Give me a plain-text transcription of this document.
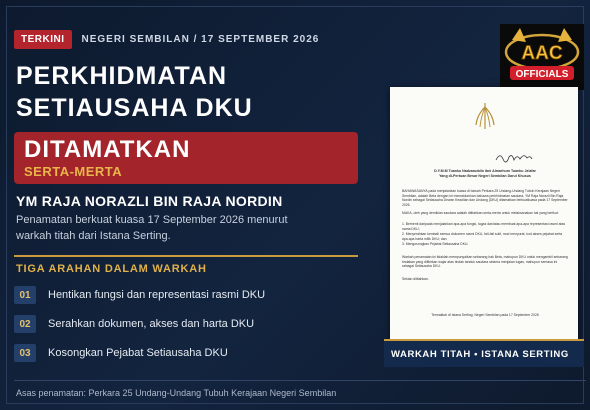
TERKINI	NEGERI SEMBILAN / 17 SEPTEMBER 2026
PERKHIDMATAN
SETIAUSAHA DKU
DITAMATKAN
SERTA-MERTA
YM RAJA NORAZLI BIN RAJA NORDIN
Penamatan berkuat kuasa 17 September 2026 menurut warkah titah dari Istana Serting.
TIGA ARAHAN DALAM WARKAH
01	Hentikan fungsi dan representasi rasmi DKU
02	Serahkan dokumen, akses dan harta DKU
03	Kosongkan Pejabat Setiausaha DKU
Asas penamatan: Perkara 25 Undang-Undang Tubuh Kerajaan Negeri Sembilan
AAC
OFFICIALS
D.Y.M.M Tuanku Nadzaruddin ibni Almarhum Tuanku Ja'afar
Yang di-Pertuan Besar Negeri Sembilan Darul Khusus
BAHAWASANYA pada menjalankan kuasa di bawah Perkara 25 Undang-Undang Tubuh Kerajaan Negeri Sembilan, adalah Beta dengan ini memaklumkan bahawa perkhidmatan saudara, YM Raja Norazli Bin Raja Nordin sebagai Setiausaha Dewan Keadilan dan Undang (DKU) ditamatkan berkuatkuasa pada 17 September 2026.
MAKA, oleh yang demikian saudara adalah dititahkan serta-merta untuk melaksanakan hal yang berikut:
1. Berhenti daripada menjalankan apa-apa fungsi, tugas dan/atau membuat apa-apa representasi rasmi atas nama DKU;
2. Menyerahkan kembali semua dokumen rasmi DKU, fail-fail sulit, mod menyurat, kod akses pejabat serta apa-apa harta milik DKU; dan
3. Mengosongkan Pejabat Setiausaha DKU.
Warkah penamatan ini tidaklah mempunyaikan sebarang hak Beta, mahupun DKU untuk mengambil sebarang tindakan yang difikirkan wajar atas tindak tanduk saudara selama menjalan tugas, mahupun semasa ini sebagai Setiausaha DKU.
Sekian dititahkan.
Termaktub di Istana Serting, Negeri Sembilan pada 17 September 2026
WARKAH TITAH • ISTANA SERTING
